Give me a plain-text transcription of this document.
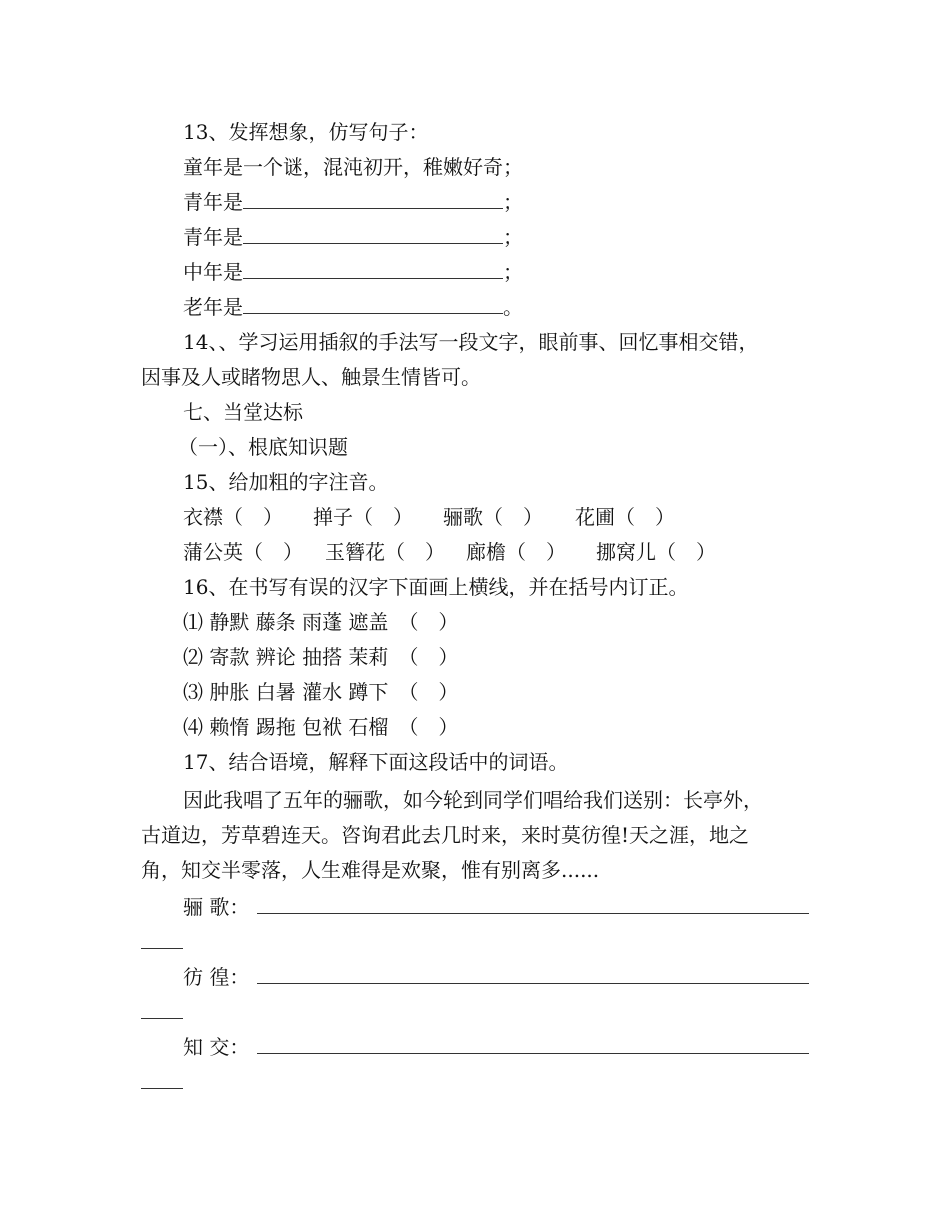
13、发挥想象，仿写句子：
童年是一个谜，混沌初开，稚嫩好奇；
青年是	；
青年是	；
中年是	；
老年是	。
14、、学习运用插叙的手法写一段文字，眼前事、回忆事相交错，
因事及人或睹物思人、触景生情皆可。
七、当堂达标
（一）、根底知识题
15、给加粗的字注音。
衣襟（　） 掸子（　） 骊歌（　） 花圃（　）
蒲公英（　） 玉簪花（　） 廊檐（　） 挪窝儿（　）
16、在书写有误的汉字下面画上横线，并在括号内订正。
⑴ 静默 藤条 雨蓬 遮盖 （　）
⑵ 寄款 辨论 抽搭 茉莉 （　）
⑶ 肿胀 白暑 灌水 蹲下 （　）
⑷ 赖惰 踢拖 包袱 石榴 （　）
17、结合语境，解释下面这段话中的词语。
因此我唱了五年的骊歌，如今轮到同学们唱给我们送别：长亭外，
古道边，芳草碧连天。咨询君此去几时来，来时莫彷徨!天之涯，地之
角，知交半零落，人生难得是欢聚，惟有别离多......
骊 歌：
彷 徨：
知 交：
